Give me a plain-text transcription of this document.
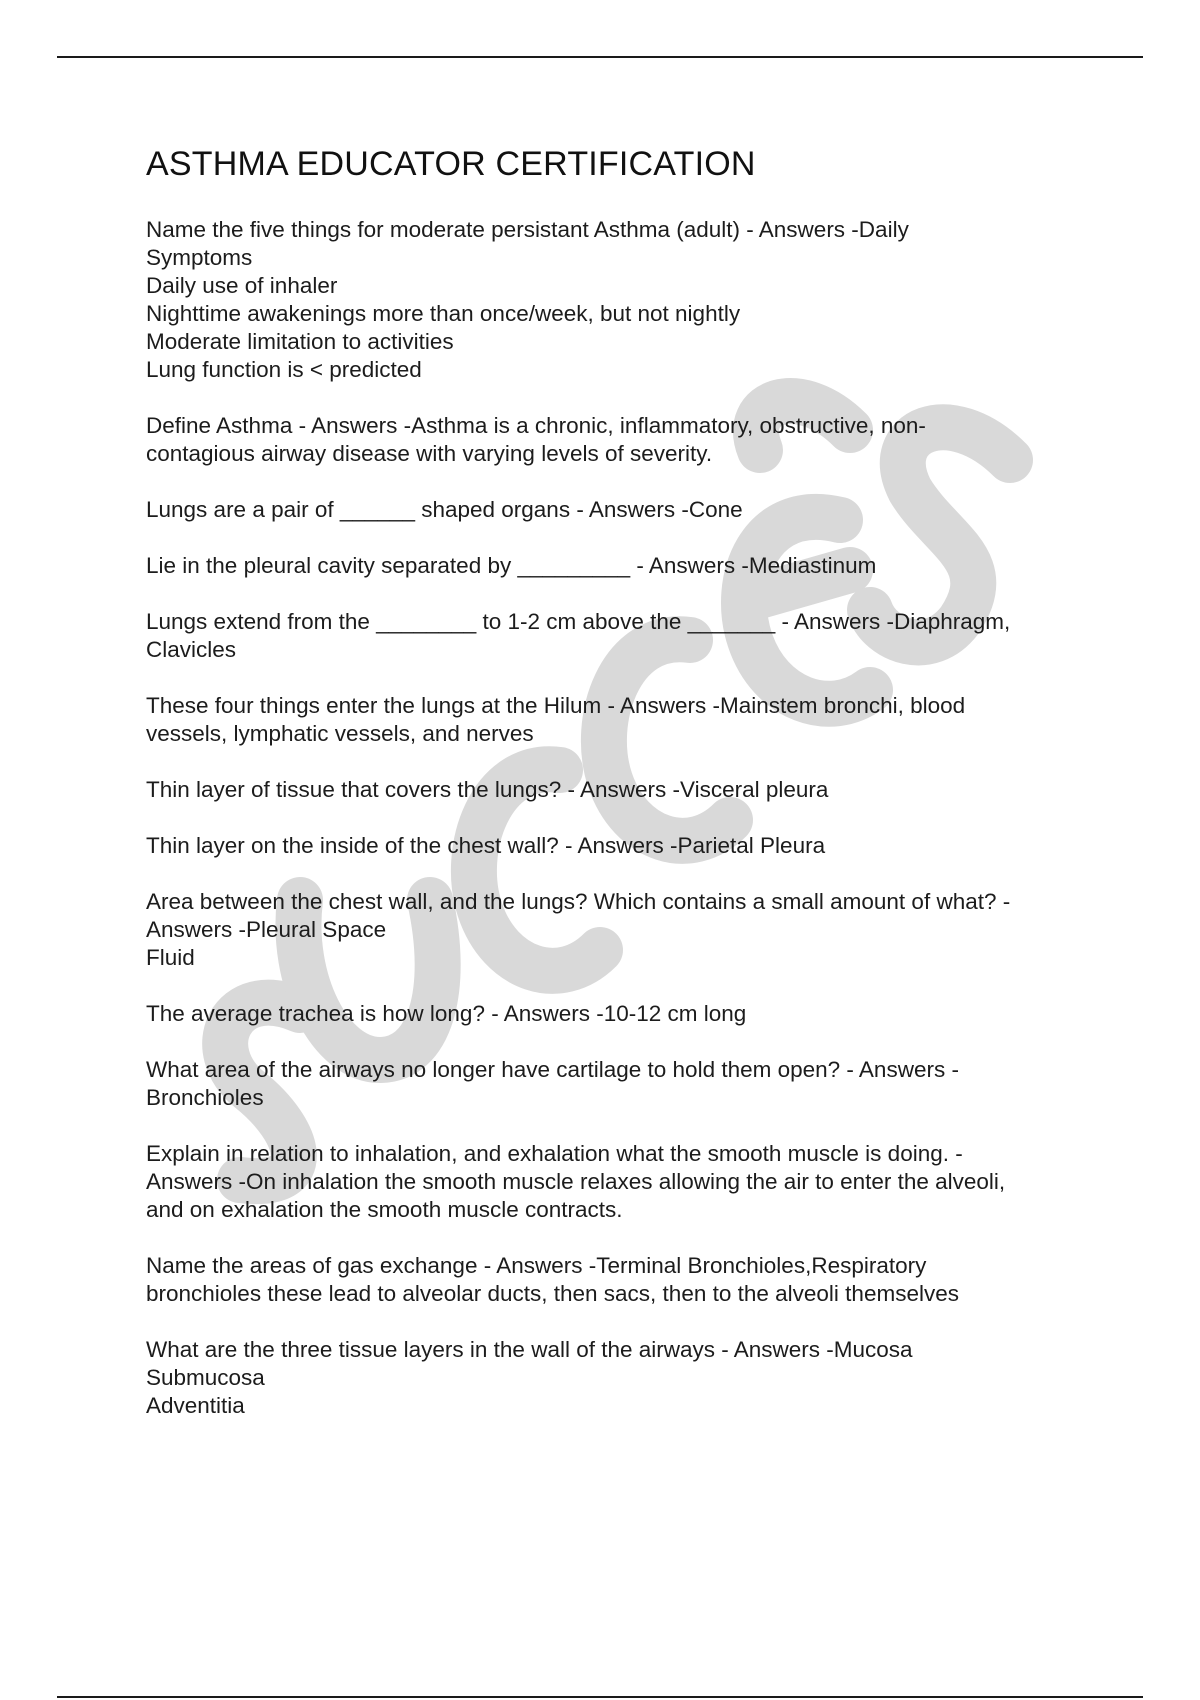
ASTHMA EDUCATOR CERTIFICATION

Name the five things for moderate persistant Asthma (adult) - Answers -Daily
Symptoms
Daily use of inhaler
Nighttime awakenings more than once/week, but not nightly
Moderate limitation to activities
Lung function is < predicted

Define Asthma - Answers -Asthma is a chronic, inflammatory, obstructive, non-
contagious airway disease with varying levels of severity.

Lungs are a pair of ______ shaped organs - Answers -Cone

Lie in the pleural cavity separated by _________ - Answers -Mediastinum

Lungs extend from the ________ to 1-2 cm above the _______ - Answers -Diaphragm,
Clavicles

These four things enter the lungs at the Hilum - Answers -Mainstem bronchi, blood
vessels, lymphatic vessels, and nerves

Thin layer of tissue that covers the lungs? - Answers -Visceral pleura

Thin layer on the inside of the chest wall? - Answers -Parietal Pleura

Area between the chest wall, and the lungs? Which contains a small amount of what? -
Answers -Pleural Space
Fluid

The average trachea is how long? - Answers -10-12 cm long

What area of the airways no longer have cartilage to hold them open? - Answers -
Bronchioles

Explain in relation to inhalation, and exhalation what the smooth muscle is doing. -
Answers -On inhalation the smooth muscle relaxes allowing the air to enter the alveoli,
and on exhalation the smooth muscle contracts.

Name the areas of gas exchange - Answers -Terminal Bronchioles,Respiratory
bronchioles these lead to alveolar ducts, then sacs, then to the alveoli themselves

What are the three tissue layers in the wall of the airways - Answers -Mucosa
Submucosa
Adventitia
